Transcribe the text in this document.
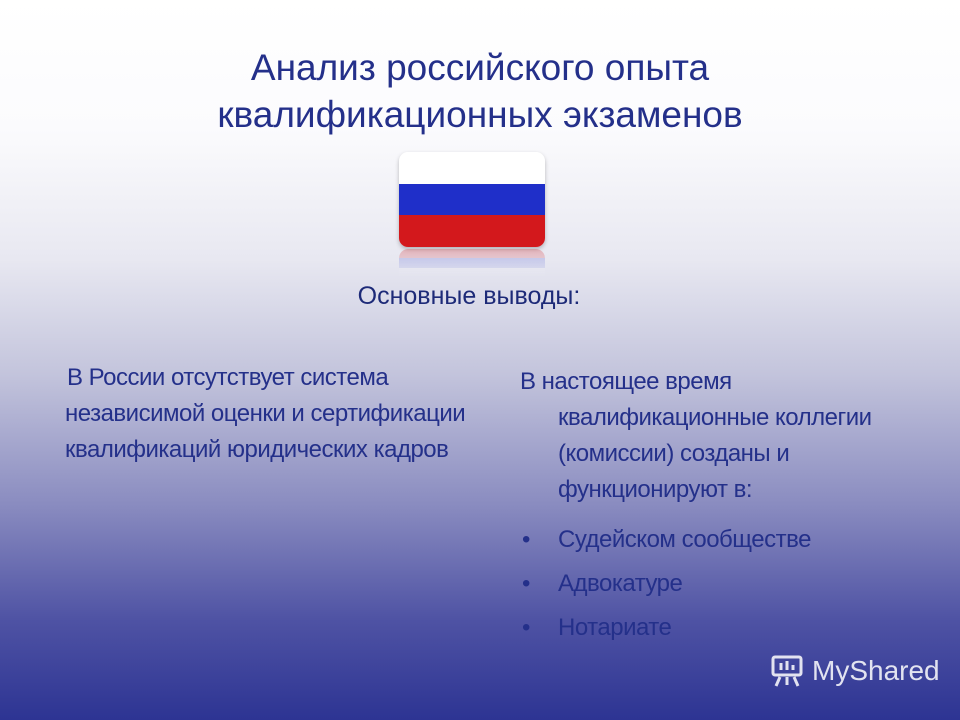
Анализ российского опыта
квалификационных экзаменов
Основные выводы:
В России отсутствует система независимой оценки и сертификации квалификаций юридических кадров
В настоящее время квалификационные коллегии (комиссии) созданы и функционируют в:
• Судейском сообществе
• Адвокатуре
• Нотариате
MyShared
